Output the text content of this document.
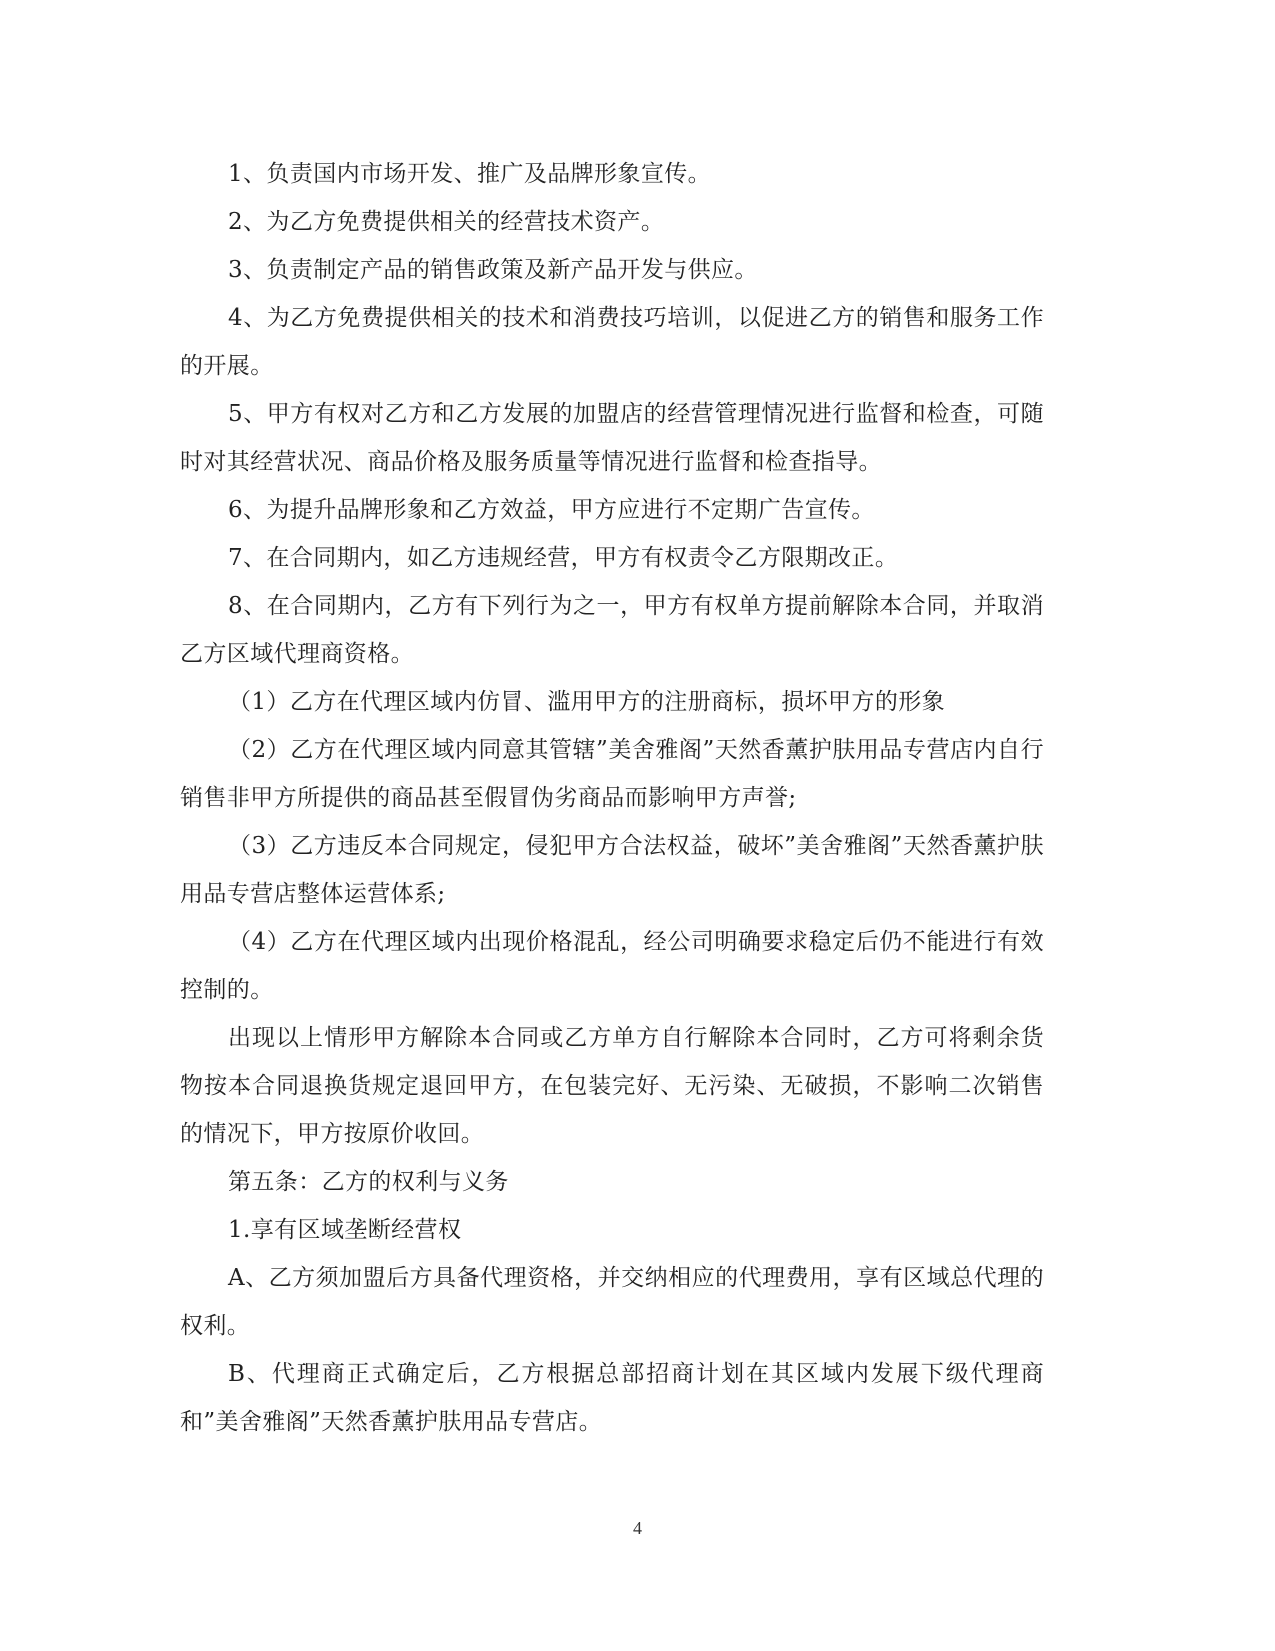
1、负责国内市场开发、推广及品牌形象宣传。

2、为乙方免费提供相关的经营技术资产。

3、负责制定产品的销售政策及新产品开发与供应。

4、为乙方免费提供相关的技术和消费技巧培训，以促进乙方的销售和服务工作的开展。

5、甲方有权对乙方和乙方发展的加盟店的经营管理情况进行监督和检查，可随时对其经营状况、商品价格及服务质量等情况进行监督和检查指导。

6、为提升品牌形象和乙方效益，甲方应进行不定期广告宣传。

7、在合同期内，如乙方违规经营，甲方有权责令乙方限期改正。

8、在合同期内，乙方有下列行为之一，甲方有权单方提前解除本合同，并取消乙方区域代理商资格。

（1）乙方在代理区域内仿冒、滥用甲方的注册商标，损坏甲方的形象

（2）乙方在代理区域内同意其管辖”美舍雅阁”天然香薰护肤用品专营店内自行销售非甲方所提供的商品甚至假冒伪劣商品而影响甲方声誉;

（3）乙方违反本合同规定，侵犯甲方合法权益，破坏”美舍雅阁”天然香薰护肤用品专营店整体运营体系;

（4）乙方在代理区域内出现价格混乱，经公司明确要求稳定后仍不能进行有效控制的。

出现以上情形甲方解除本合同或乙方单方自行解除本合同时，乙方可将剩余货物按本合同退换货规定退回甲方，在包装完好、无污染、无破损，不影响二次销售的情况下，甲方按原价收回。

第五条：乙方的权利与义务

1.享有区域垄断经营权

A、乙方须加盟后方具备代理资格，并交纳相应的代理费用，享有区域总代理的权利。

B、代理商正式确定后，乙方根据总部招商计划在其区域内发展下级代理商和”美舍雅阁”天然香薰护肤用品专营店。

4
